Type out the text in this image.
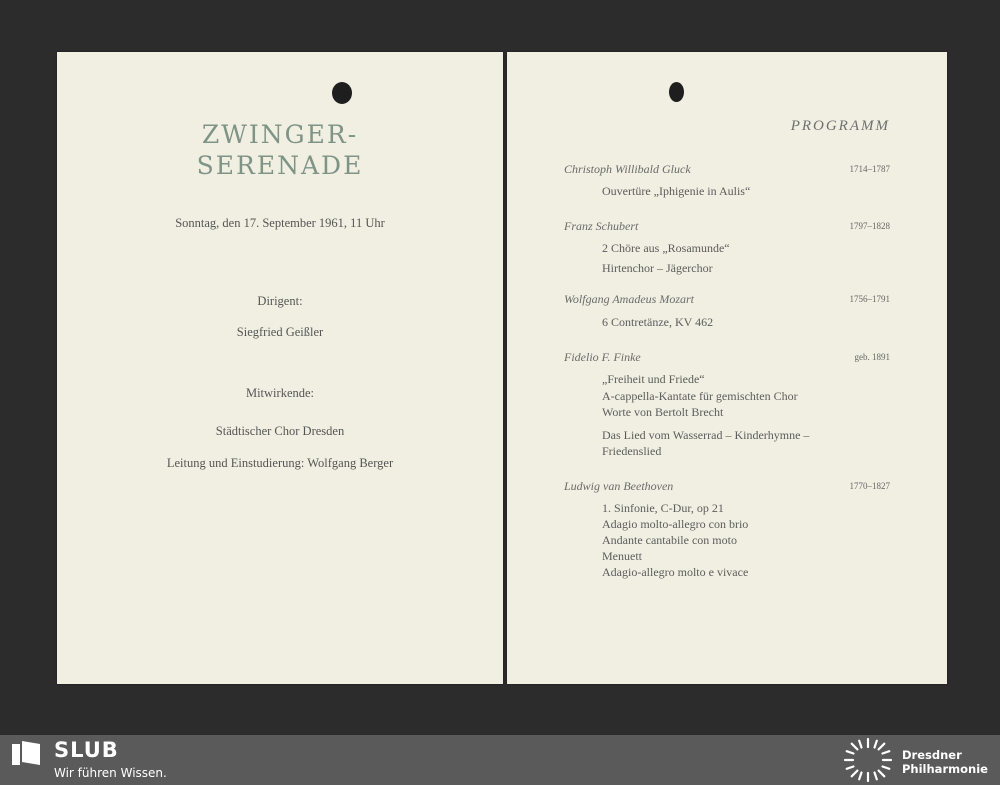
ZWINGER-
SERENADE
Sonntag, den 17. September 1961, 11 Uhr
Dirigent:
Siegfried Geißler
Mitwirkende:
Städtischer Chor Dresden
Leitung und Einstudierung: Wolfgang Berger
PROGRAMM
Christoph Willibald Gluck	1714–1787
Ouvertüre „Iphigenie in Aulis“
Franz Schubert	1797–1828
2 Chöre aus „Rosamunde“
Hirtenchor – Jägerchor
Wolfgang Amadeus Mozart	1756–1791
6 Contretänze, KV 462
Fidelio F. Finke	geb. 1891
„Freiheit und Friede“
A-cappella-Kantate für gemischten Chor
Worte von Bertolt Brecht
Das Lied vom Wasserrad – Kinderhymne –
Friedenslied
Ludwig van Beethoven	1770–1827
1. Sinfonie, C-Dur, op 21
Adagio molto-allegro con brio
Andante cantabile con moto
Menuett
Adagio-allegro molto e vivace
SLUB
Wir führen Wissen.
Dresdner
Philharmonie
